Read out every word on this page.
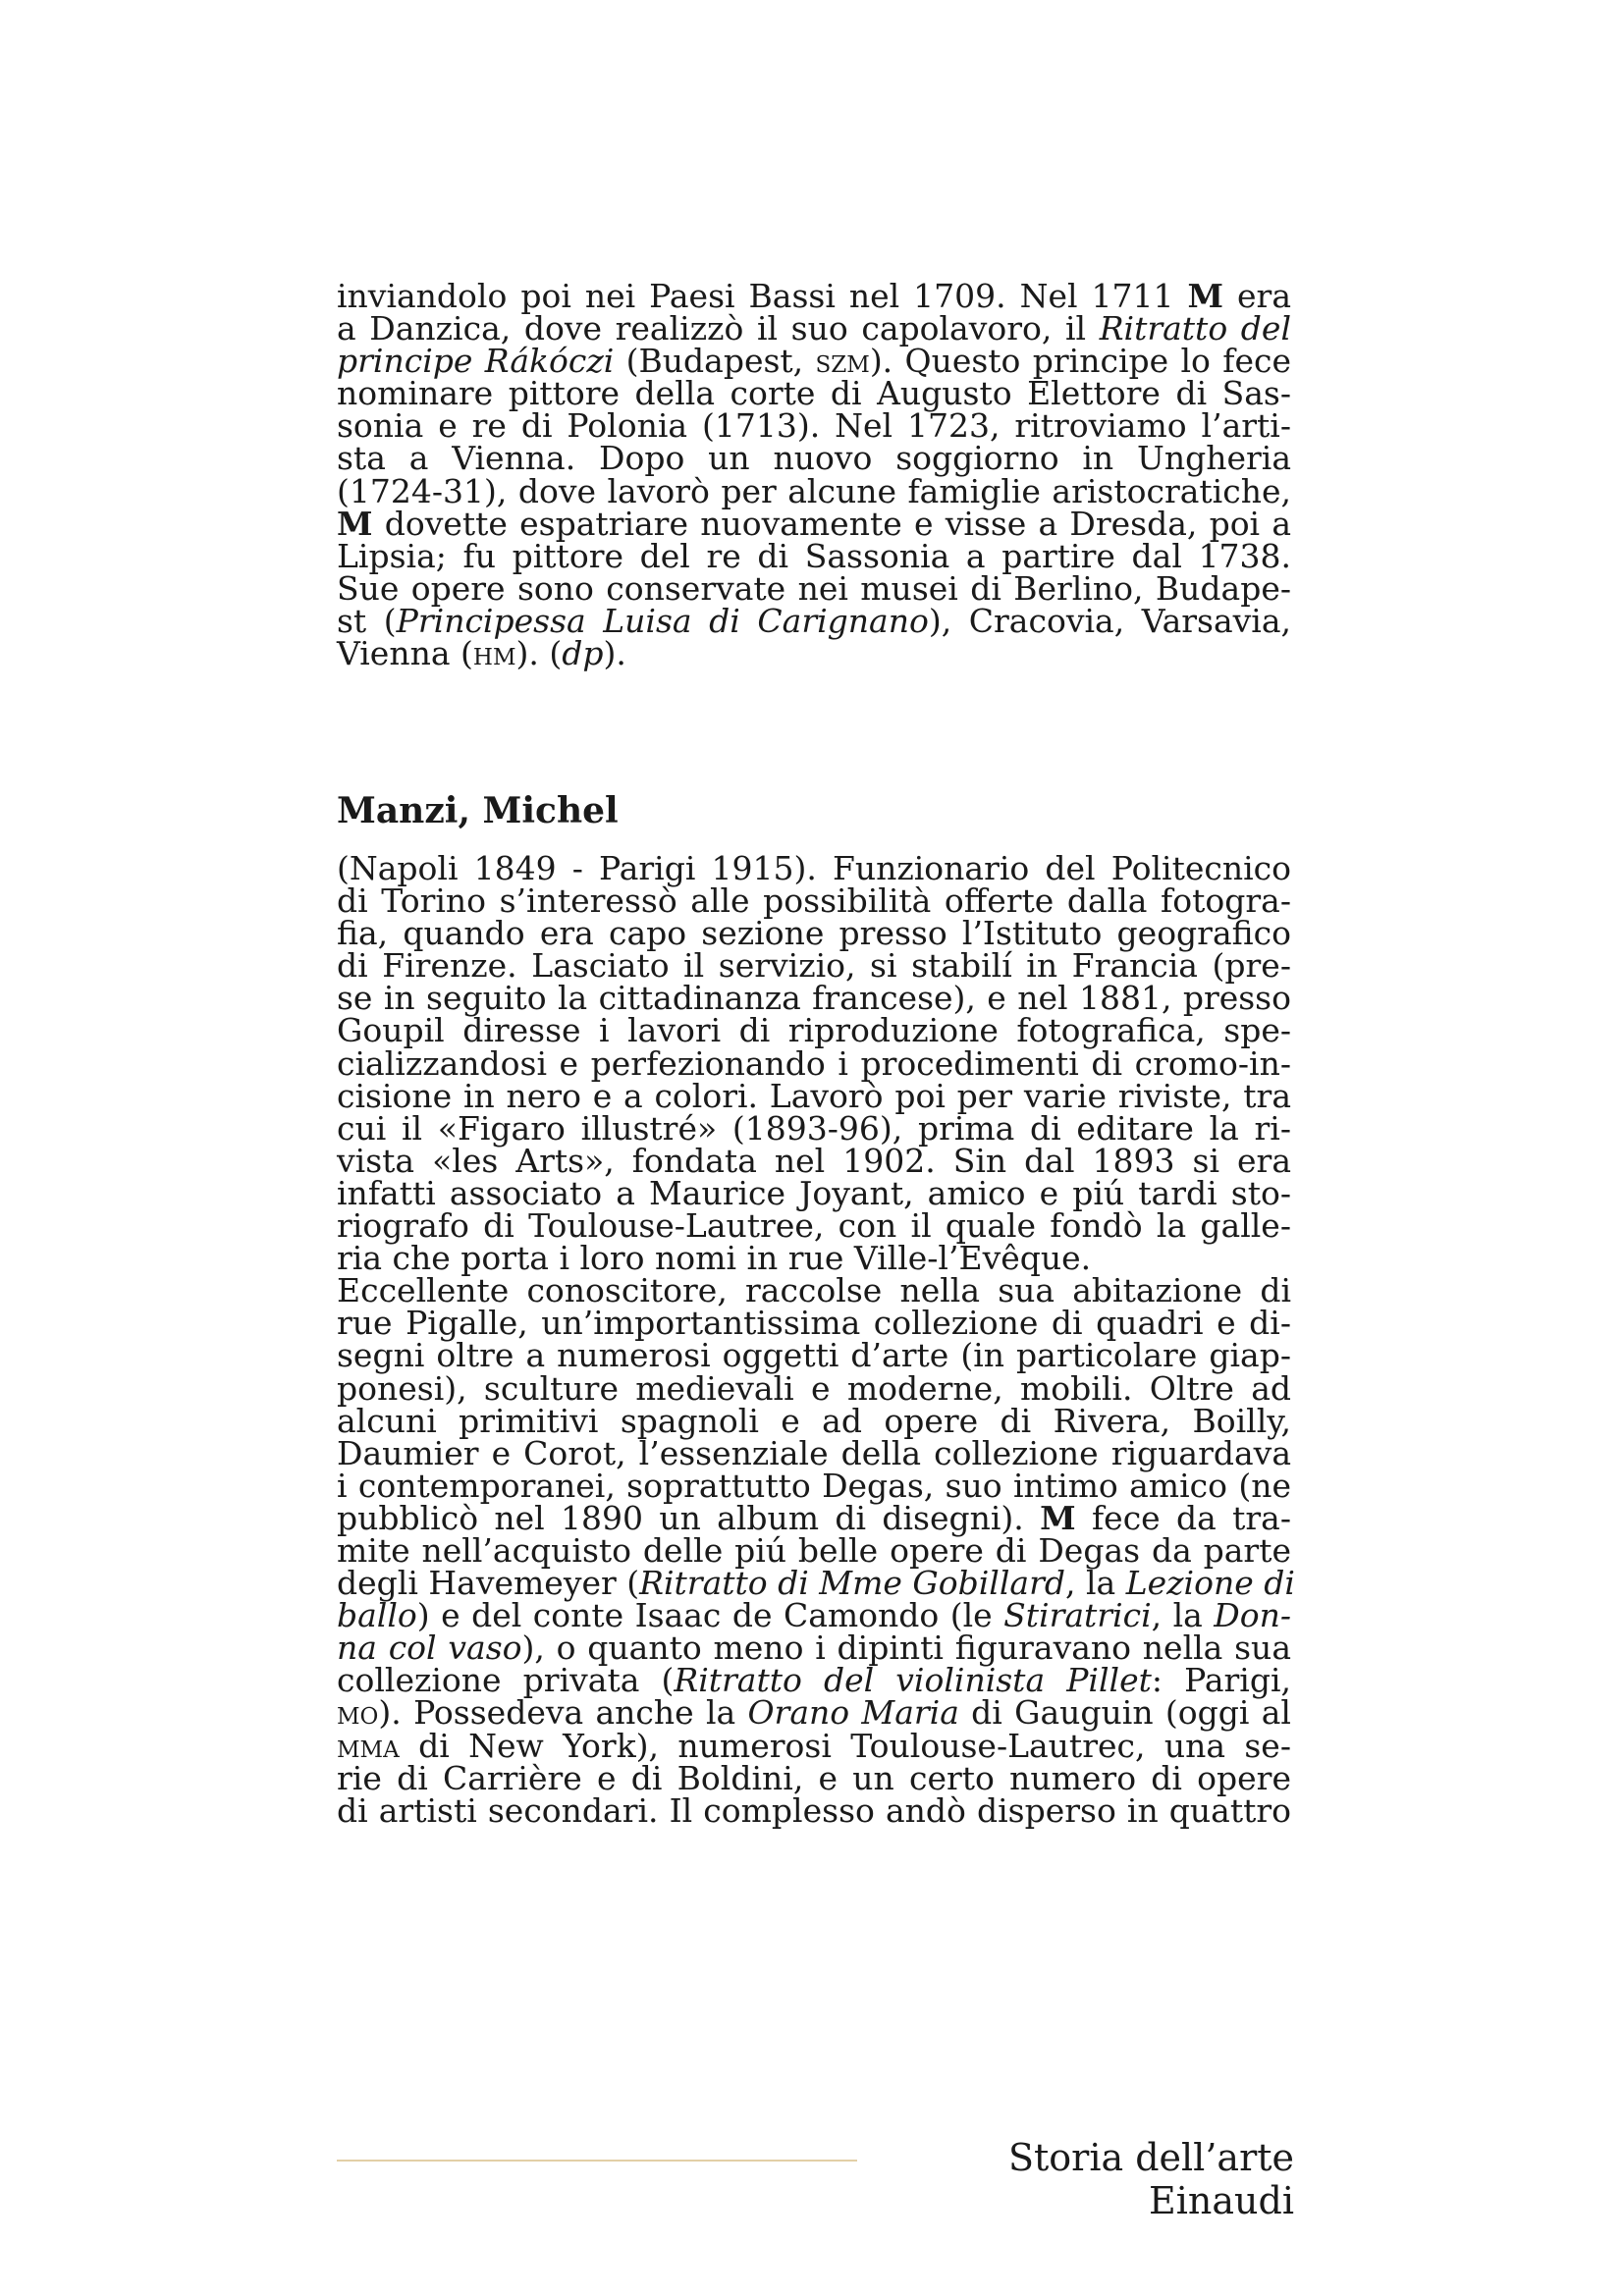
inviandolo poi nei Paesi Bassi nel 1709. Nel 1711 M era
a Danzica, dove realizzò il suo capolavoro, il Ritratto del
principe Rákóczi (Budapest, szm). Questo principe lo fece
nominare pittore della corte di Augusto Elettore di Sas-
sonia e re di Polonia (1713). Nel 1723, ritroviamo l’arti-
sta a Vienna. Dopo un nuovo soggiorno in Ungheria
(1724-31), dove lavorò per alcune famiglie aristocratiche,
M dovette espatriare nuovamente e visse a Dresda, poi a
Lipsia; fu pittore del re di Sassonia a partire dal 1738.
Sue opere sono conservate nei musei di Berlino, Budape-
st (Principessa Luisa di Carignano), Cracovia, Varsavia,
Vienna (hm). (dp).
Manzi, Michel
(Napoli 1849 - Parigi 1915). Funzionario del Politecnico
di Torino s’interessò alle possibilità offerte dalla fotogra-
fia, quando era capo sezione presso l’Istituto geografico
di Firenze. Lasciato il servizio, si stabilí in Francia (pre-
se in seguito la cittadinanza francese), e nel 1881, presso
Goupil diresse i lavori di riproduzione fotografica, spe-
cializzandosi e perfezionando i procedimenti di cromo-in-
cisione in nero e a colori. Lavorò poi per varie riviste, tra
cui il «Figaro illustré» (1893-96), prima di editare la ri-
vista «les Arts», fondata nel 1902. Sin dal 1893 si era
infatti associato a Maurice Joyant, amico e piú tardi sto-
riografo di Toulouse-Lautree, con il quale fondò la galle-
ria che porta i loro nomi in rue Ville-l’Evêque.
Eccellente conoscitore, raccolse nella sua abitazione di
rue Pigalle, un’importantissima collezione di quadri e di-
segni oltre a numerosi oggetti d’arte (in particolare giap-
ponesi), sculture medievali e moderne, mobili. Oltre ad
alcuni primitivi spagnoli e ad opere di Rivera, Boilly,
Daumier e Corot, l’essenziale della collezione riguardava
i contemporanei, soprattutto Degas, suo intimo amico (ne
pubblicò nel 1890 un album di disegni). M fece da tra-
mite nell’acquisto delle piú belle opere di Degas da parte
degli Havemeyer (Ritratto di Mme Gobillard, la Lezione di
ballo) e del conte Isaac de Camondo (le Stiratrici, la Don-
na col vaso), o quanto meno i dipinti figuravano nella sua
collezione privata (Ritratto del violinista Pillet: Parigi,
mo). Possedeva anche la Orano Maria di Gauguin (oggi al
mma di New York), numerosi Toulouse-Lautrec, una se-
rie di Carrière e di Boldini, e un certo numero di opere
di artisti secondari. Il complesso andò disperso in quattro

Storia dell’arte Einaudi
